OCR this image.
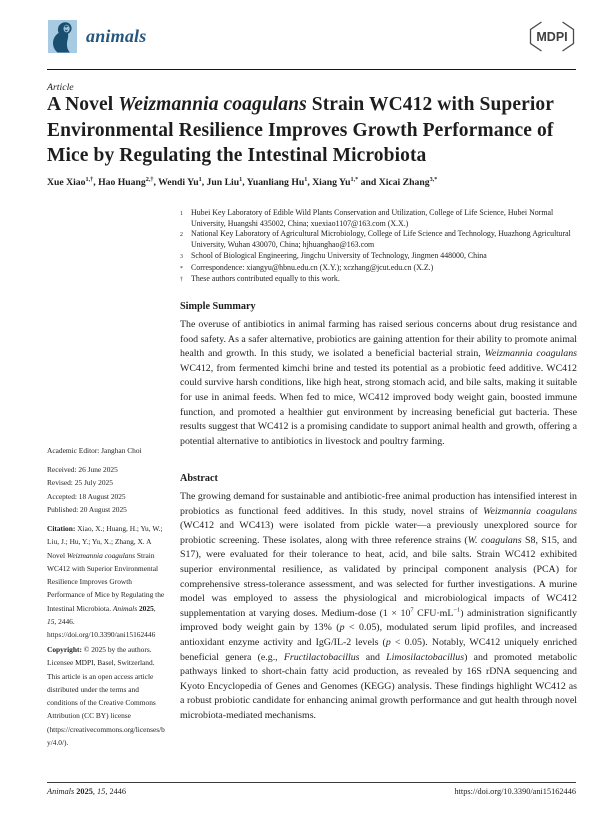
animals	MDPI

Article

A Novel Weizmannia coagulans Strain WC412 with Superior
Environmental Resilience Improves Growth Performance of
Mice by Regulating the Intestinal Microbiota

Xue Xiao$^{1,\dagger}$, Hao Huang$^{2,\dagger}$, Wendi Yu$^1$, Jun Liu$^1$, Yuanliang Hu$^1$, Xiang $Yu^{1,*}$ and Xicai Zhang$^{3,*}$

1	Hubei Key Laboratory of Edible Wild Plants Conservation and Utilization, College of Life Science, Hubei Normal University, Huangshi 435002, China; xuexiao1107@163.com (X.X.)
2	National Key Laboratory of Agricultural Microbiology, College of Life Science and Technology, Huazhong Agricultural University, Wuhan 430070, China; hjhuanghao@163.com
3	School of Biological Engineering, Jingchu University of Technology, Jingmen 448000, China
*	Correspondence: xiangyu@hbnu.edu.cn (X.Y.); xczhang@jcut.edu.cn (X.Z.)
†	These authors contributed equally to this work.
Simple Summary

The overuse of antibiotics in animal farming has raised serious concerns about drug resistance and food safety. As a safer alternative, probiotics are gaining attention for their ability to promote animal health and growth. In this study, we isolated a beneficial bacterial strain, Weizmannia coagulans WC412, from fermented kimchi brine and tested its potential as a probiotic feed additive. WC412 could survive harsh conditions, like high heat, strong stomach acid, and bile salts, making it suitable for use in animal feeds. When fed to mice, WC412 improved body weight gain, boosted immune function, and promoted a healthier gut environment by increasing beneficial gut bacteria. These results suggest that WC412 is a promising candidate to support animal health and growth, offering a potential alternative to antibiotics in livestock and poultry farming.

Abstract

The growing demand for sustainable and antibiotic-free animal production has intensified interest in probiotics as functional feed additives. In this study, novel strains of Weizmannia coagulans (WC412 and WC413) were isolated from pickle water—a previously unexplored source for probiotic screening. These isolates, along with three reference strains (W. coagulans S8, S15, and S17), were evaluated for their tolerance to heat, acid, and bile salts. Strain WC412 exhibited superior environmental resilience, as validated by principal component analysis (PCA) for comprehensive stress-tolerance assessment, and was selected for further investigations. A murine model was employed to assess the physiological and microbiological impacts of WC412 supplementation at varying doses. Medium-dose ($1 \times 10^7$ $CFU\cdot mL^{-1}$) administration significantly improved body weight gain by 13% (p < 0.05), modulated serum lipid profiles, and increased antioxidant enzyme activity and IgG/IL-2 levels (p < 0.05). Notably, WC412 uniquely enriched beneficial genera (e.g., Fructilactobacillus and Limosilactobacillus) and promoted metabolic pathways linked to short-chain fatty acid production, as revealed by 16S rDNA sequencing and Kyoto Encyclopedia of Genes and Genomes (KEGG) analysis. These findings highlight WC412 as a robust probiotic candidate for enhancing animal growth performance and gut health through novel microbiota-mediated mechanisms.

Academic Editor: Janghan Choi

Received: 26 June 2025
Revised: 25 July 2025
Accepted: 18 August 2025
Published: 20 August 2025

Citation: Xiao, X.; Huang, H.; Yu, W.; Liu, J.; Hu, Y.; Yu, X.; Zhang, X. A Novel Weizmannia coagulans Strain WC412 with Superior Environmental Resilience Improves Growth Performance of Mice by Regulating the Intestinal Microbiota. Animals 2025, 15, 2446. https://doi.org/10.3390/ani15162446

Copyright: © 2025 by the authors. Licensee MDPI, Basel, Switzerland. This article is an open access article distributed under the terms and conditions of the Creative Commons Attribution (CC BY) license (https://creativecommons.org/licenses/by/4.0/).

Animals 2025, 15, 2446	https://doi.org/10.3390/ani15162446
